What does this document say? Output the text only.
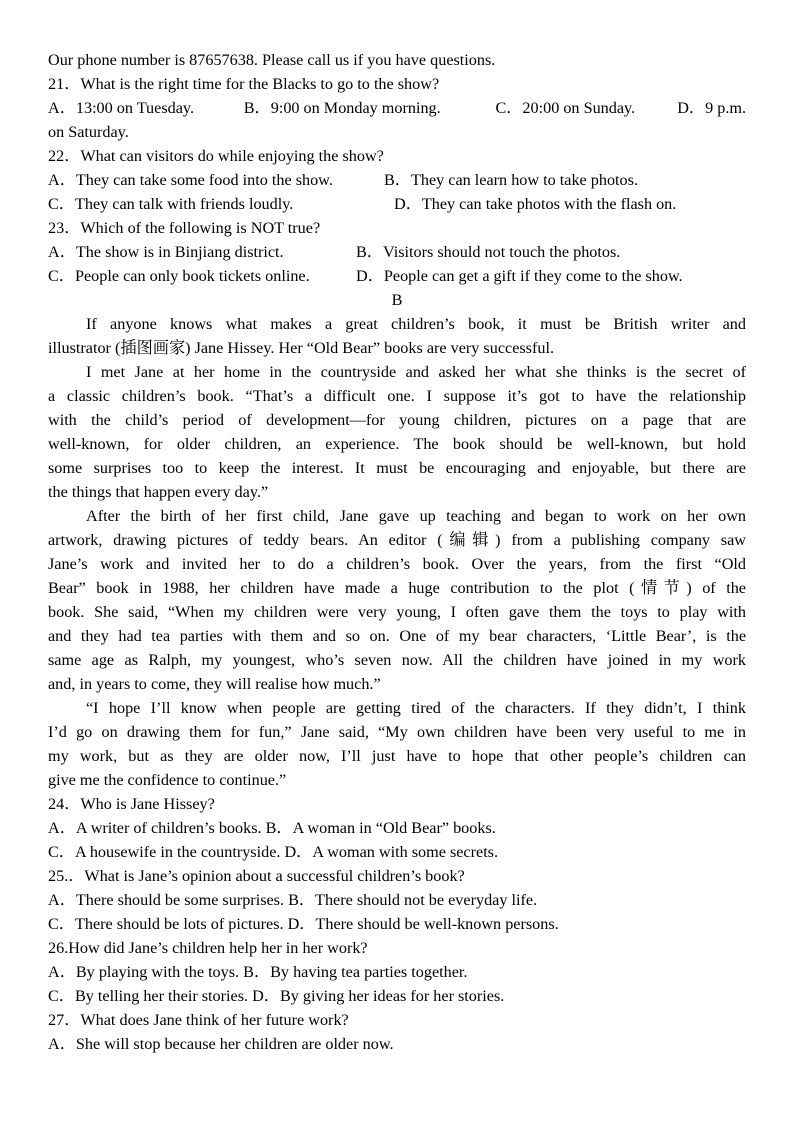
Our phone number is 87657638. Please call us if you have questions.
21．What is the right time for the Blacks to go to the show?
A．13:00 on Tuesday.	B．9:00 on Monday morning.	C．20:00 on Sunday.	D．9 p.m.
on Saturday.
22．What can visitors do while enjoying the show?
A．They can take some food into the show.	B．They can learn how to take photos.
C．They can talk with friends loudly.	D．They can take photos with the flash on.
23．Which of the following is NOT true?
A．The show is in Binjiang district.	B．Visitors should not touch the photos.
C．People can only book tickets online.	D．People can get a gift if they come to the show.
B
If anyone knows what makes a great children’s book, it must be British writer and
illustrator (插图画家) Jane Hissey. Her “Old Bear” books are very successful.
I met Jane at her home in the countryside and asked her what she thinks is the secret of
a classic children’s book. “That’s a difficult one. I suppose it’s got to have the relationship
with the child’s period of development—for young children, pictures on a page that are
well-known, for older children, an experience. The book should be well-known, but hold
some surprises too to keep the interest. It must be encouraging and enjoyable, but there are
the things that happen every day.”
After the birth of her first child, Jane gave up teaching and began to work on her own
artwork, drawing pictures of teddy bears. An editor (编辑) from a publishing company saw
Jane’s work and invited her to do a children’s book. Over the years, from the first “Old
Bear” book in 1988, her children have made a huge contribution to the plot (情节) of the
book. She said, “When my children were very young, I often gave them the toys to play with
and they had tea parties with them and so on. One of my bear characters, ‘Little Bear’, is the
same age as Ralph, my youngest, who’s seven now. All the children have joined in my work
and, in years to come, they will realise how much.”
“I hope I’ll know when people are getting tired of the characters. If they didn’t, I think
I’d go on drawing them for fun,” Jane said, “My own children have been very useful to me in
my work, but as they are older now, I’ll just have to hope that other people’s children can
give me the confidence to continue.”
24．Who is Jane Hissey?
A．A writer of children’s books. B．A woman in “Old Bear” books.
C．A housewife in the countryside. D．A woman with some secrets.
25.．What is Jane’s opinion about a successful children’s book?
A．There should be some surprises. B．There should not be everyday life.
C．There should be lots of pictures. D．There should be well-known persons.
26.How did Jane’s children help her in her work?
A．By playing with the toys. B．By having tea parties together.
C．By telling her their stories. D．By giving her ideas for her stories.
27．What does Jane think of her future work?
A．She will stop because her children are older now.
